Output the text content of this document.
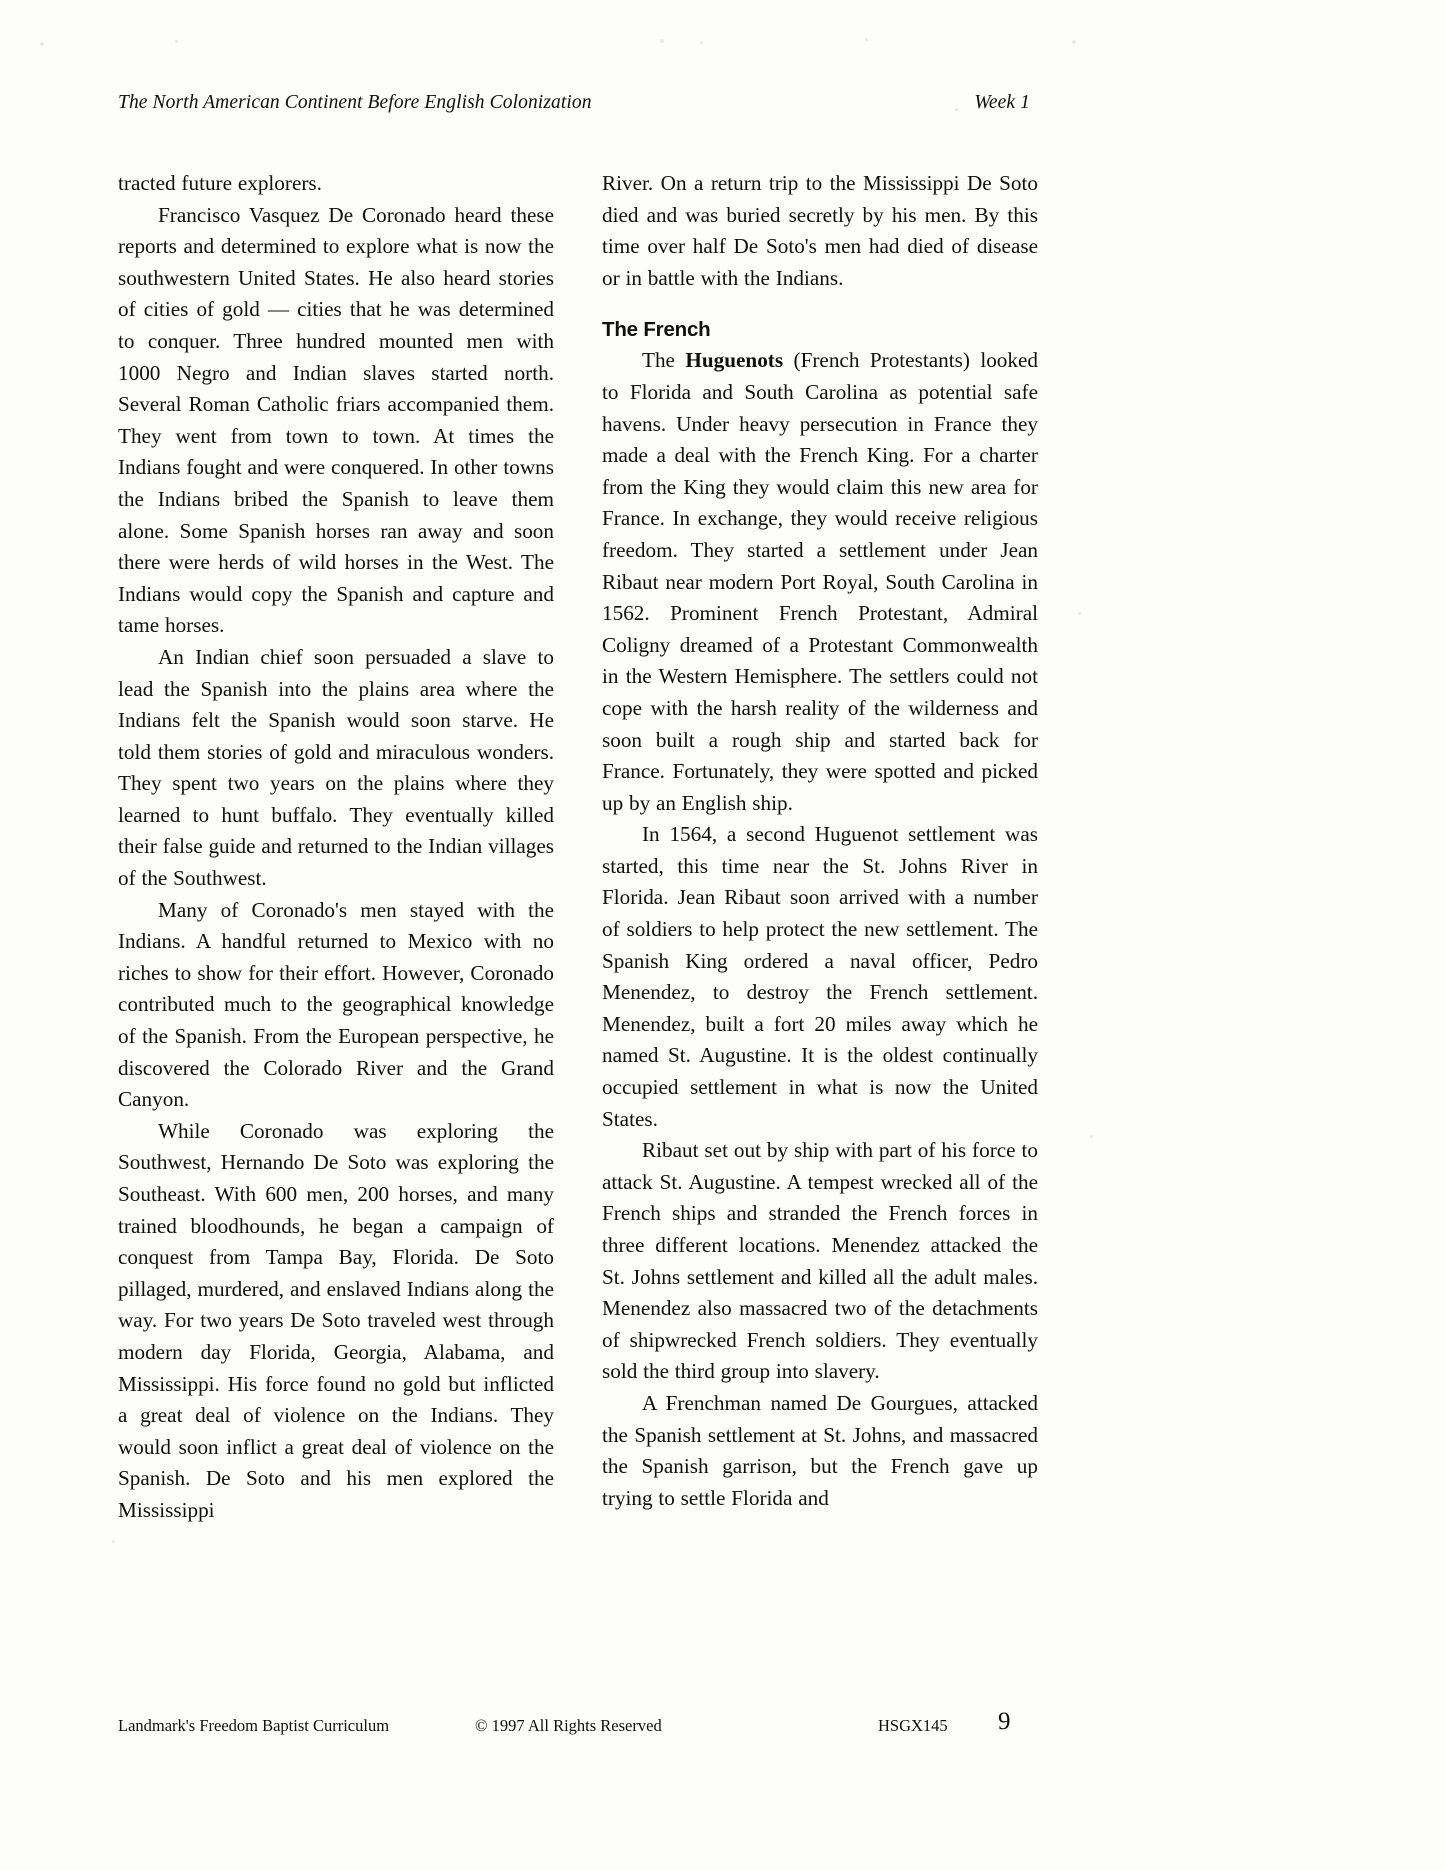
The North American Continent Before English Colonization	Week 1

tracted future explorers.

Francisco Vasquez De Coronado heard these reports and determined to explore what is now the southwestern United States. He also heard stories of cities of gold — cities that he was determined to conquer. Three hundred mounted men with 1000 Negro and Indian slaves started north. Several Roman Catholic friars accompanied them. They went from town to town. At times the Indians fought and were conquered. In other towns the Indians bribed the Spanish to leave them alone. Some Spanish horses ran away and soon there were herds of wild horses in the West. The Indians would copy the Spanish and capture and tame horses.

An Indian chief soon persuaded a slave to lead the Spanish into the plains area where the Indians felt the Spanish would soon starve. He told them stories of gold and miraculous wonders. They spent two years on the plains where they learned to hunt buffalo. They eventually killed their false guide and returned to the Indian villages of the Southwest.

Many of Coronado's men stayed with the Indians. A handful returned to Mexico with no riches to show for their effort. However, Coronado contributed much to the geographical knowledge of the Spanish. From the European perspective, he discovered the Colorado River and the Grand Canyon.

While Coronado was exploring the Southwest, Hernando De Soto was exploring the Southeast. With 600 men, 200 horses, and many trained bloodhounds, he began a campaign of conquest from Tampa Bay, Florida. De Soto pillaged, murdered, and enslaved Indians along the way. For two years De Soto traveled west through modern day Florida, Georgia, Alabama, and Mississippi. His force found no gold but inflicted a great deal of violence on the Indians. They would soon inflict a great deal of violence on the Spanish. De Soto and his men explored the Mississippi

River. On a return trip to the Mississippi De Soto died and was buried secretly by his men. By this time over half De Soto's men had died of disease or in battle with the Indians.

The French

The Huguenots (French Protestants) looked to Florida and South Carolina as potential safe havens. Under heavy persecution in France they made a deal with the French King. For a charter from the King they would claim this new area for France. In exchange, they would receive religious freedom. They started a settlement under Jean Ribaut near modern Port Royal, South Carolina in 1562. Prominent French Protestant, Admiral Coligny dreamed of a Protestant Commonwealth in the Western Hemisphere. The settlers could not cope with the harsh reality of the wilderness and soon built a rough ship and started back for France. Fortunately, they were spotted and picked up by an English ship.

In 1564, a second Huguenot settlement was started, this time near the St. Johns River in Florida. Jean Ribaut soon arrived with a number of soldiers to help protect the new settlement. The Spanish King ordered a naval officer, Pedro Menendez, to destroy the French settlement. Menendez, built a fort 20 miles away which he named St. Augustine. It is the oldest continually occupied settlement in what is now the United States.

Ribaut set out by ship with part of his force to attack St. Augustine. A tempest wrecked all of the French ships and stranded the French forces in three different locations. Menendez attacked the St. Johns settlement and killed all the adult males. Menendez also massacred two of the detachments of shipwrecked French soldiers. They eventually sold the third group into slavery.

A Frenchman named De Gourgues, attacked the Spanish settlement at St. Johns, and massacred the Spanish garrison, but the French gave up trying to settle Florida and

Landmark's Freedom Baptist Curriculum	© 1997 All Rights Reserved	HSGX145 9
